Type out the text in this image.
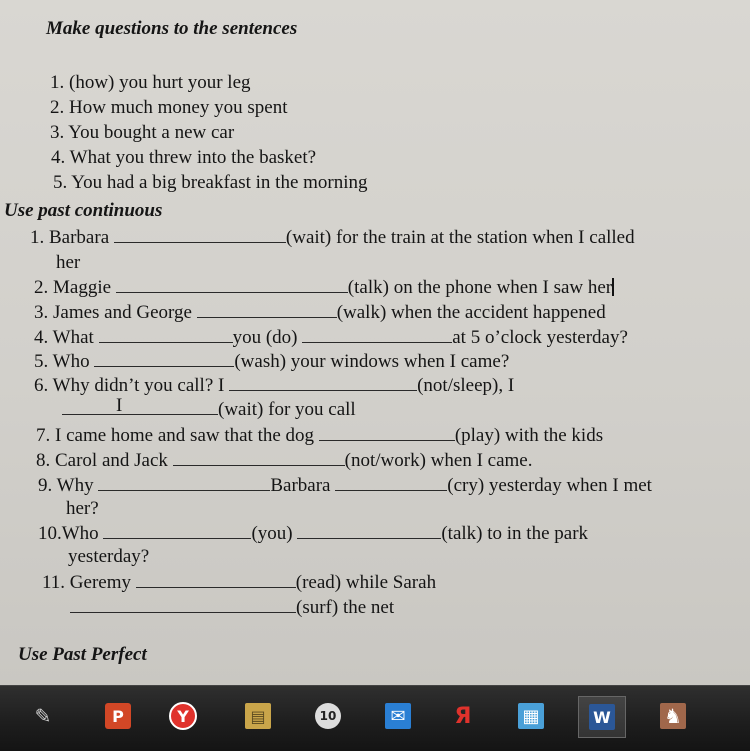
Make questions to the sentences
1. (how) you hurt your leg
2. How much money you spent
3. You bought a new car
4. What you threw into the basket?
5. You had a big breakfast in the morning
Use past continuous
1. Barbara	(wait) for the train at the station when I called
her
2. Maggie	(talk) on the phone when I saw her
3. James and George	(walk) when the accident happened
4. What	you (do)	at 5 o’clock yesterday?
5. Who	(wash) your windows when I came?
6. Why didn’t you call? I	(not/sleep), I
I	(wait) for you call
7. I came home and saw that the dog	(play) with the kids
8. Carol and Jack	(not/work) when I came.
9. Why	Barbara	(cry) yesterday when I met
her?
10.Who	(you)	(talk) to in the park
yesterday?
11. Geremy	(read) while Sarah
(surf) the net
Use Past Perfect
✎	P	Y	▤	10	✉ Я	▦	W	♞
